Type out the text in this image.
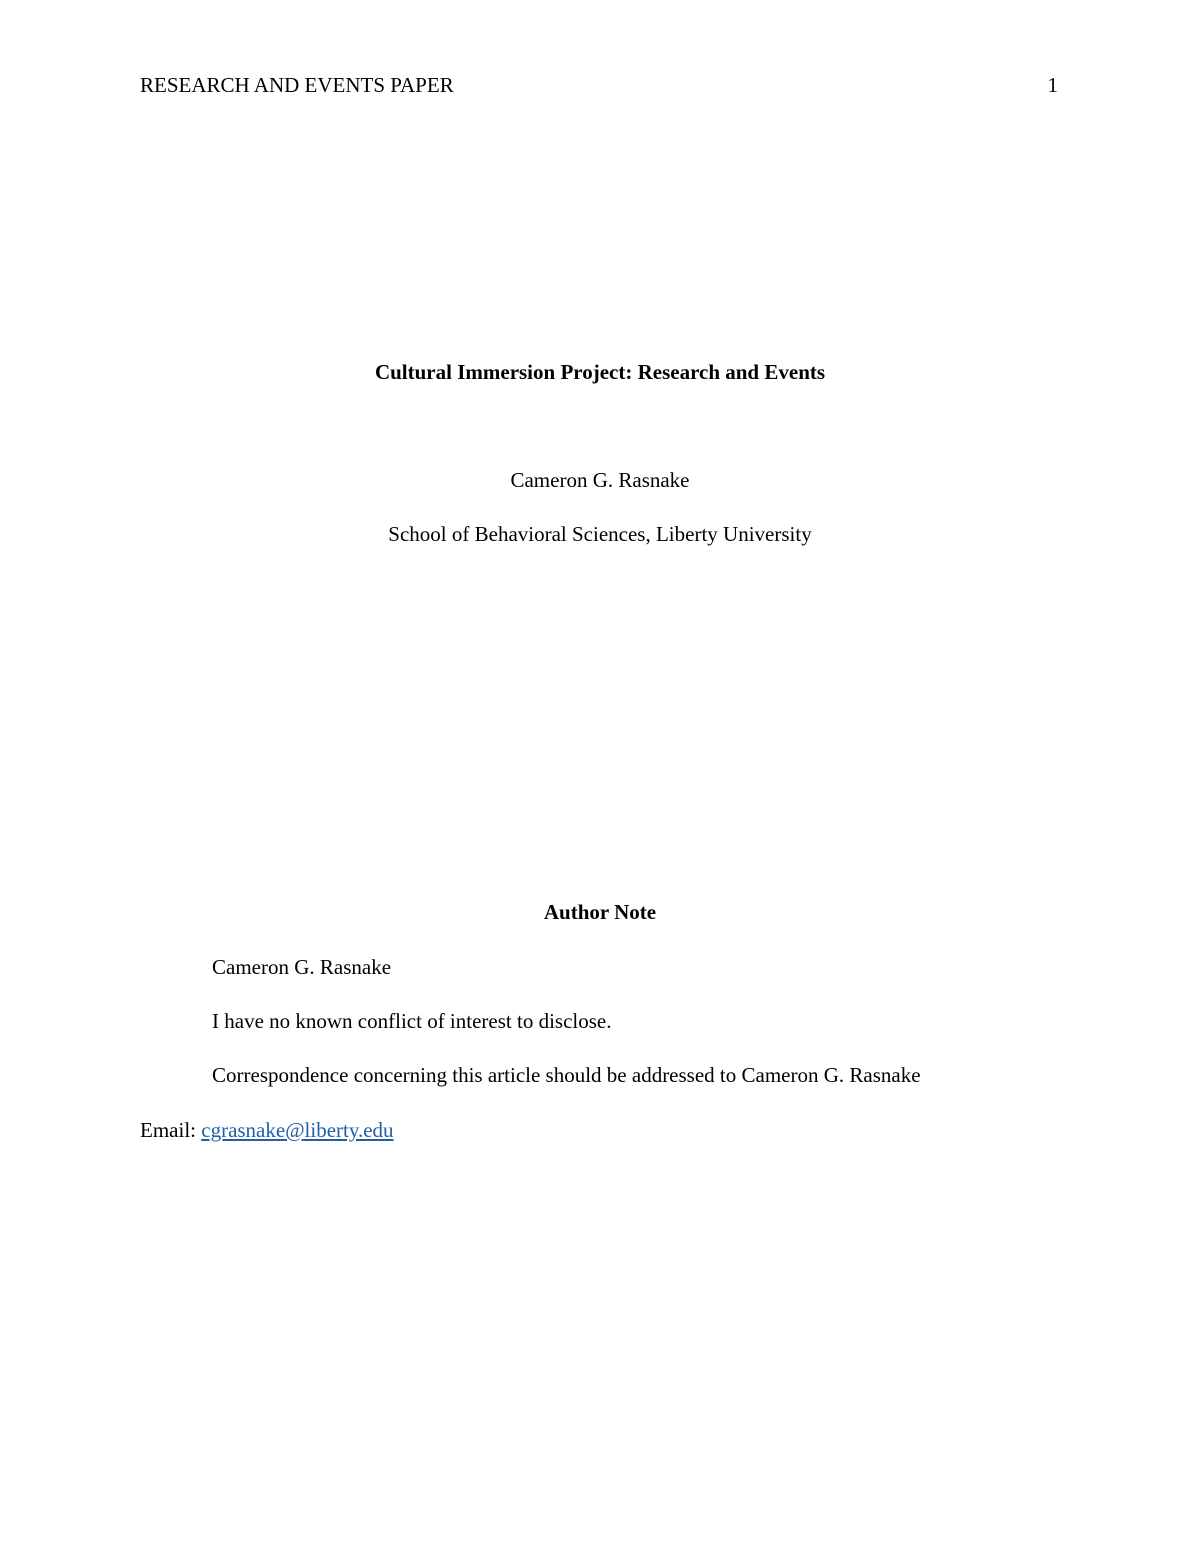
RESEARCH AND EVENTS PAPER	1
Cultural Immersion Project: Research and Events
Cameron G. Rasnake
School of Behavioral Sciences, Liberty University
Author Note
Cameron G. Rasnake
I have no known conflict of interest to disclose.
Correspondence concerning this article should be addressed to Cameron G. Rasnake
Email: cgrasnake@liberty.edu
